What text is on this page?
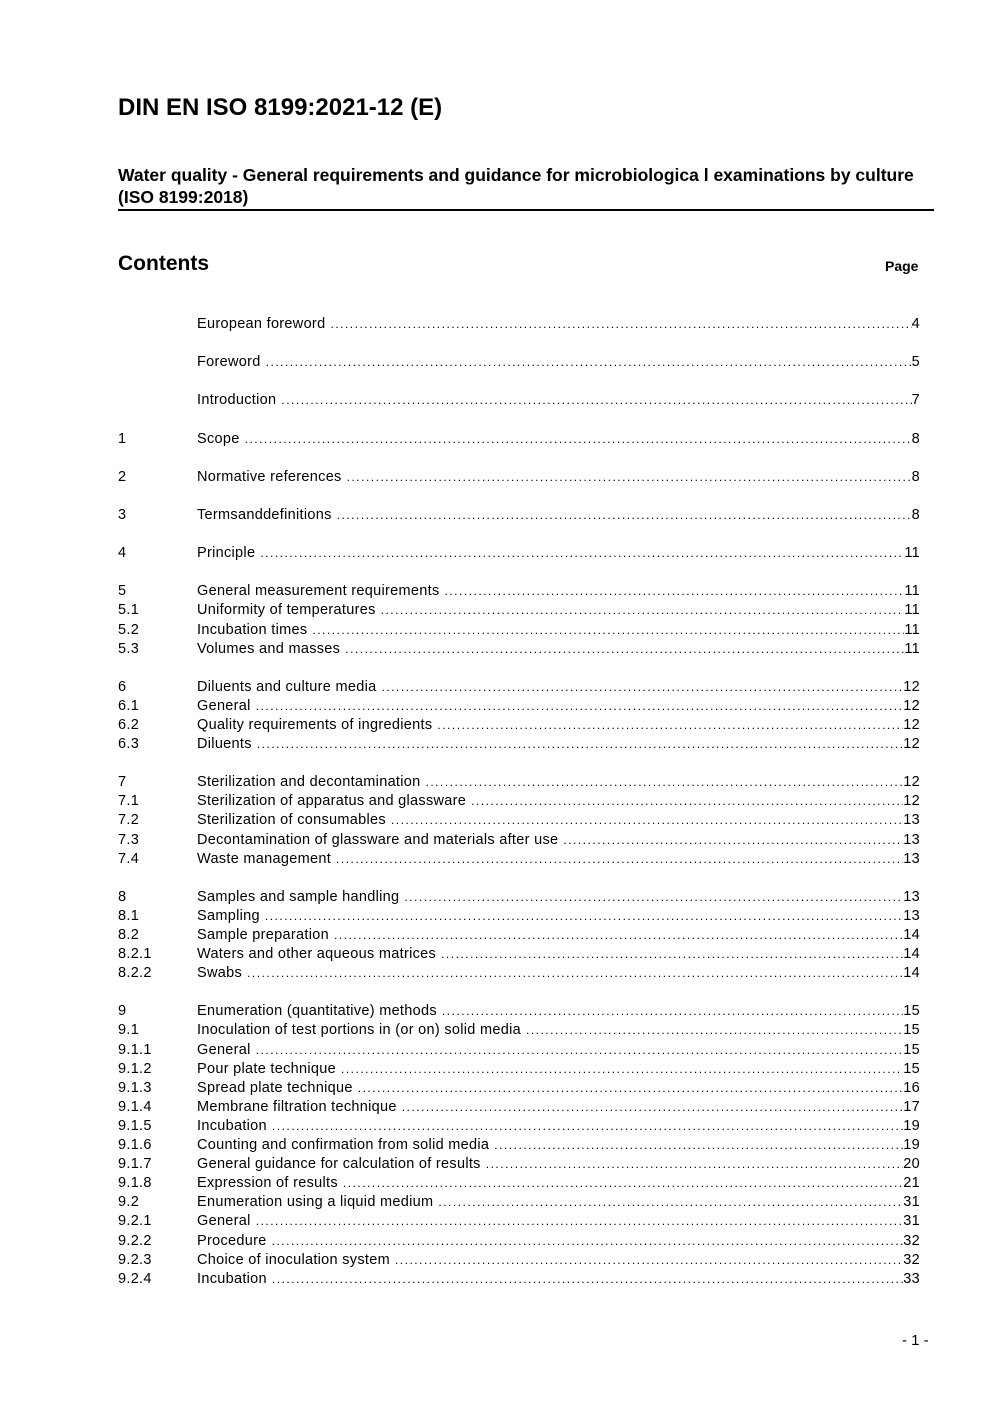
DIN EN ISO 8199:2021-12 (E)
Water quality - General requirements and guidance for microbiologica l examinations by culture (ISO 8199:2018)
Contents	Page
European foreword .....	4
Foreword .....	5
Introduction .....	7
1	Scope .....	8
2	Normative references .....	8
3	Termsanddefinitions .....	8
4	Principle .....	11
5	General measurement requirements .....	11
5.1	Uniformity of temperatures .....	11
5.2	Incubation times .....	11
5.3	Volumes and masses .....	11
6	Diluents and culture media .....	12
6.1	General .....	12
6.2	Quality requirements of ingredients .....	12
6.3	Diluents .....	12
7	Sterilization and decontamination .....	12
7.1	Sterilization of apparatus and glassware .....	12
7.2	Sterilization of consumables .....	13
7.3	Decontamination of glassware and materials after use .....	13
7.4	Waste management .....	13
8	Samples and sample handling .....	13
8.1	Sampling .....	13
8.2	Sample preparation .....	14
8.2.1	Waters and other aqueous matrices .....	14
8.2.2	Swabs .....	14
9	Enumeration (quantitative) methods .....	15
9.1	Inoculation of test portions in (or on) solid media .....	15
9.1.1	General .....	15
9.1.2	Pour plate technique .....	15
9.1.3	Spread plate technique .....	16
9.1.4	Membrane filtration technique .....	17
9.1.5	Incubation .....	19
9.1.6	Counting and confirmation from solid media .....	19
9.1.7	General guidance for calculation of results .....	20
9.1.8	Expression of results .....	21
9.2	Enumeration using a liquid medium .....	31
9.2.1	General .....	31
9.2.2	Procedure .....	32
9.2.3	Choice of inoculation system .....	32
9.2.4	Incubation .....	33
- 1 -
